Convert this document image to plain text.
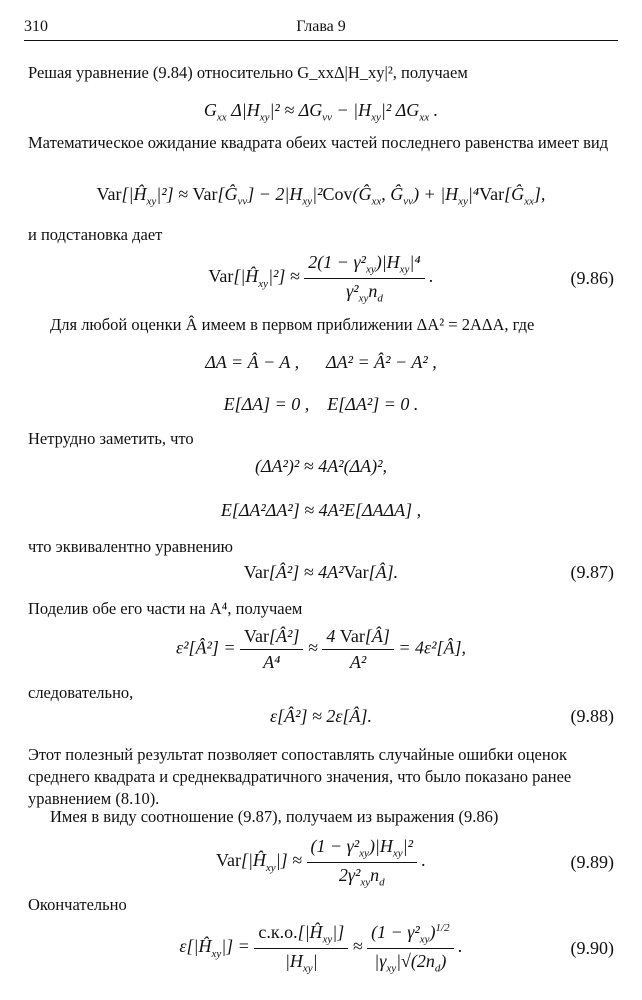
310	Глава 9
Решая уравнение (9.84) относительно G_xxΔ|H_xy|², получаем
$G_{xx}$ $\Delta|H_{xy}|^2 \approx \Delta G_{vv} - |H_{xy}|^2$ $\Delta G_{xx}$ .
Математическое ожидание квадрата обеих частей последнего равенства имеет вид
$Var[|Ĥ_{xy}|^2]$ ≈ $Var[Ĝ_{vv}]$ − $2|H_{xy}|^2Cov(Ĝ_{xx}$, $Ĝ_{vv}$) + $|H_{xy}|^4Var[Ĝ_{xx}]$,
и подстановка дает
$Var[|Ĥ_{xy}|^2] \approx \frac{2(1 - \gamma^2_{xy})|H_{xy}|^4}{\gamma^2_{xy}n_d}$ .	(9.86)
Для любой оценки Â имеем в первом приближении ΔA² = 2AΔA, где
ΔA = Â − A ,      ΔA² = Â² − A² ,
E[ΔA] = 0 ,    E[ΔA²] = 0 .
Нетрудно заметить, что
(ΔA²)² ≈ 4A²(ΔA)²,
E[ΔA²ΔA²] ≈ 4A²E[ΔAΔA] ,
что эквивалентно уравнению
Var[Â²] ≈ 4A²Var[Â].	(9.87)
Поделив обе его части на A⁴, получаем
ε²[Â²] = $\frac{\text{Var[Â²]}}{\text{A⁴}} \approx \frac{\text{4 Var[Â]}}{\text{A²}}$ = 4ε²[Â],
следовательно,
ε[Â²] ≈ 2ε[Â].	(9.88)
Этот полезный результат позволяет сопоставлять случайные ошибки оценок среднего квадрата и среднеквадратичного значения, что было показано ранее уравнением (8.10).
Имея в виду соотношение (9.87), получаем из выражения (9.86)
$Var[|Ĥ_{xy}|] \approx \frac{(1 - \gamma^2_{xy})|H_{xy}|^2}{2\gamma^2_{xy}n_d}$ .	(9.89)
Окончательно
$\varepsilon[|Ĥ_{xy}|] = \frac{с.к.о.[|Ĥ_{xy}|]}{|H_{xy}|} \approx \frac{(1 - \gamma^2_{xy})^{1/2}}{|\gamma_{xy}|√(2n_d)}$ .	(9.90)
